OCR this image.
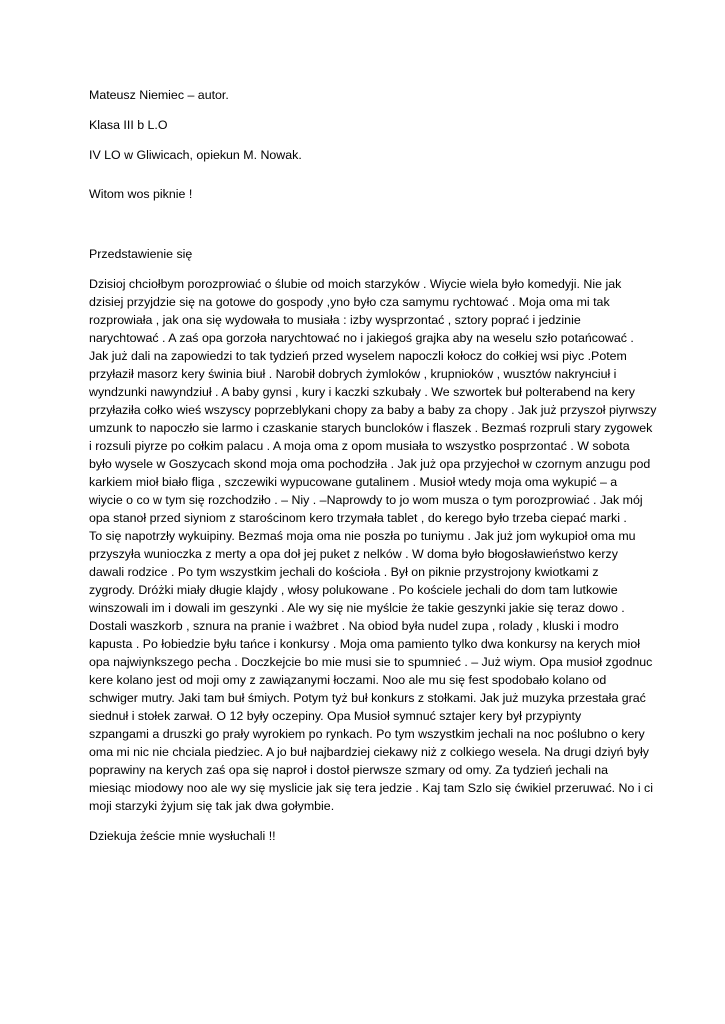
Mateusz Niemiec – autor.
Klasa III b L.O
IV LO w Gliwicach, opiekun M. Nowak.
Witom wos piknie !
Przedstawienie się
Dzisioj chciołbym porozprowiać o ślubie od moich starzyków . Wiycie wiela było komedyji. Nie jak
dzisiej przyjdzie się na gotowe do gospody ,yno było cza samymu rychtować . Moja oma mi tak
rozprowiała , jak ona się wydowała to musiała : izby wysprzontać , sztory poprać i jedzinie
narychtować . A zaś opa gorzoła narychtować no i jakiegoś grajka aby na weselu szło potańcować .
Jak już dali na zapowiedzi to tak tydzień przed wyselem napoczli kołocz do cołkiej wsi piyc .Potem
przyłaził masorz kery świnia biuł . Narobił dobrych żymloków , krupnioków , wusztów nakryнciuł i
wyndzunki nawyndziuł . A baby gynsi , kury i kaczki szkubały . We szwortek buł polterabend na kery
przyłaziła cołko wieś wszyscy poprzeblykani chopy za baby a baby za chopy . Jak już przyszoł piyrwszy
umzunk to napoczło sie larmo i czaskanie starych buncloków i flaszek . Bezmaś rozpruli stary zygowek
i rozsuli piyrze po cołkim palacu . A moja oma z opom musiała to wszystko posprzontać . W sobota
było wysele w Goszycach skond moja oma pochodziła . Jak już opa przyjechoł w czornym anzugu pod
karkiem mioł biało fliga , szczewiki wypucowane gutalinem . Musioł wtedy moja oma wykupić – a
wiycie o co w tym się rozchodziło . – Niy . –Naprowdy to jo wom musza o tym porozprowiać . Jak mój
opa stanoł przed siyniom z starościnom kero trzymała tablet , do kerego było trzeba ciepać marki .
To się napotrzły wykuipiny. Bezmaś moja oma nie poszła po tuniymu . Jak już jom wykupioł oma mu
przyszyła wunioczka z merty a opa doł jej puket z nelków . W doma było błogosławieństwo kerzy
dawali rodzice . Po tym wszystkim jechali do kościoła . Był on piknie przystrojony kwiotkami z
zygrody. Dróżki miały długie klajdy , włosy polukowane . Po kościele jechali do dom tam lutkowie
winszowali im i dowali im geszynki . Ale wy się nie myślcie że takie geszynki jakie się teraz dowo .
Dostali waszkorb , sznura na pranie i ważbret . Na obiod była nudel zupa , rolady , kluski i modro
kapusta . Po łobiedzie byłu tańce i konkursy . Moja oma pamiento tylko dwa konkursy na kerych mioł
opa najwiynkszego pecha . Doczkejcie bo mie musi sie to spumnieć . – Już wiym. Opa musioł zgodnuc
kere kolano jest od moji omy z zawiązanymi łoczami. Noo ale mu się fest spodobało kolano od
schwiger mutry. Jaki tam buł śmiych. Potym tyż buł konkurs z stołkami. Jak już muzyka przestała grać
siednuł i stołek zarwał. O 12 były oczepiny. Opa Musioł symnuć sztajer kery był przypiynty
szpangami a druszki go prały wyrokiem po rynkach. Po tym wszystkim jechali na noc poślubno o kery
oma mi nic nie chciala piedziec. A jo buł najbardziej ciekawy niż z colkiego wesela. Na drugi dziyń były
poprawiny na kerych zaś opa się naproł i dostoł pierwsze szmary od omy. Za tydzień jechali na
miesiąc miodowy noo ale wy się myslicie jak się tera jedzie . Kaj tam Szlo się ćwikiel przeruwać. No i ci
moji starzyki żyjum się tak jak dwa gołymbie.
Dziekuja żeście mnie wysłuchali !!
